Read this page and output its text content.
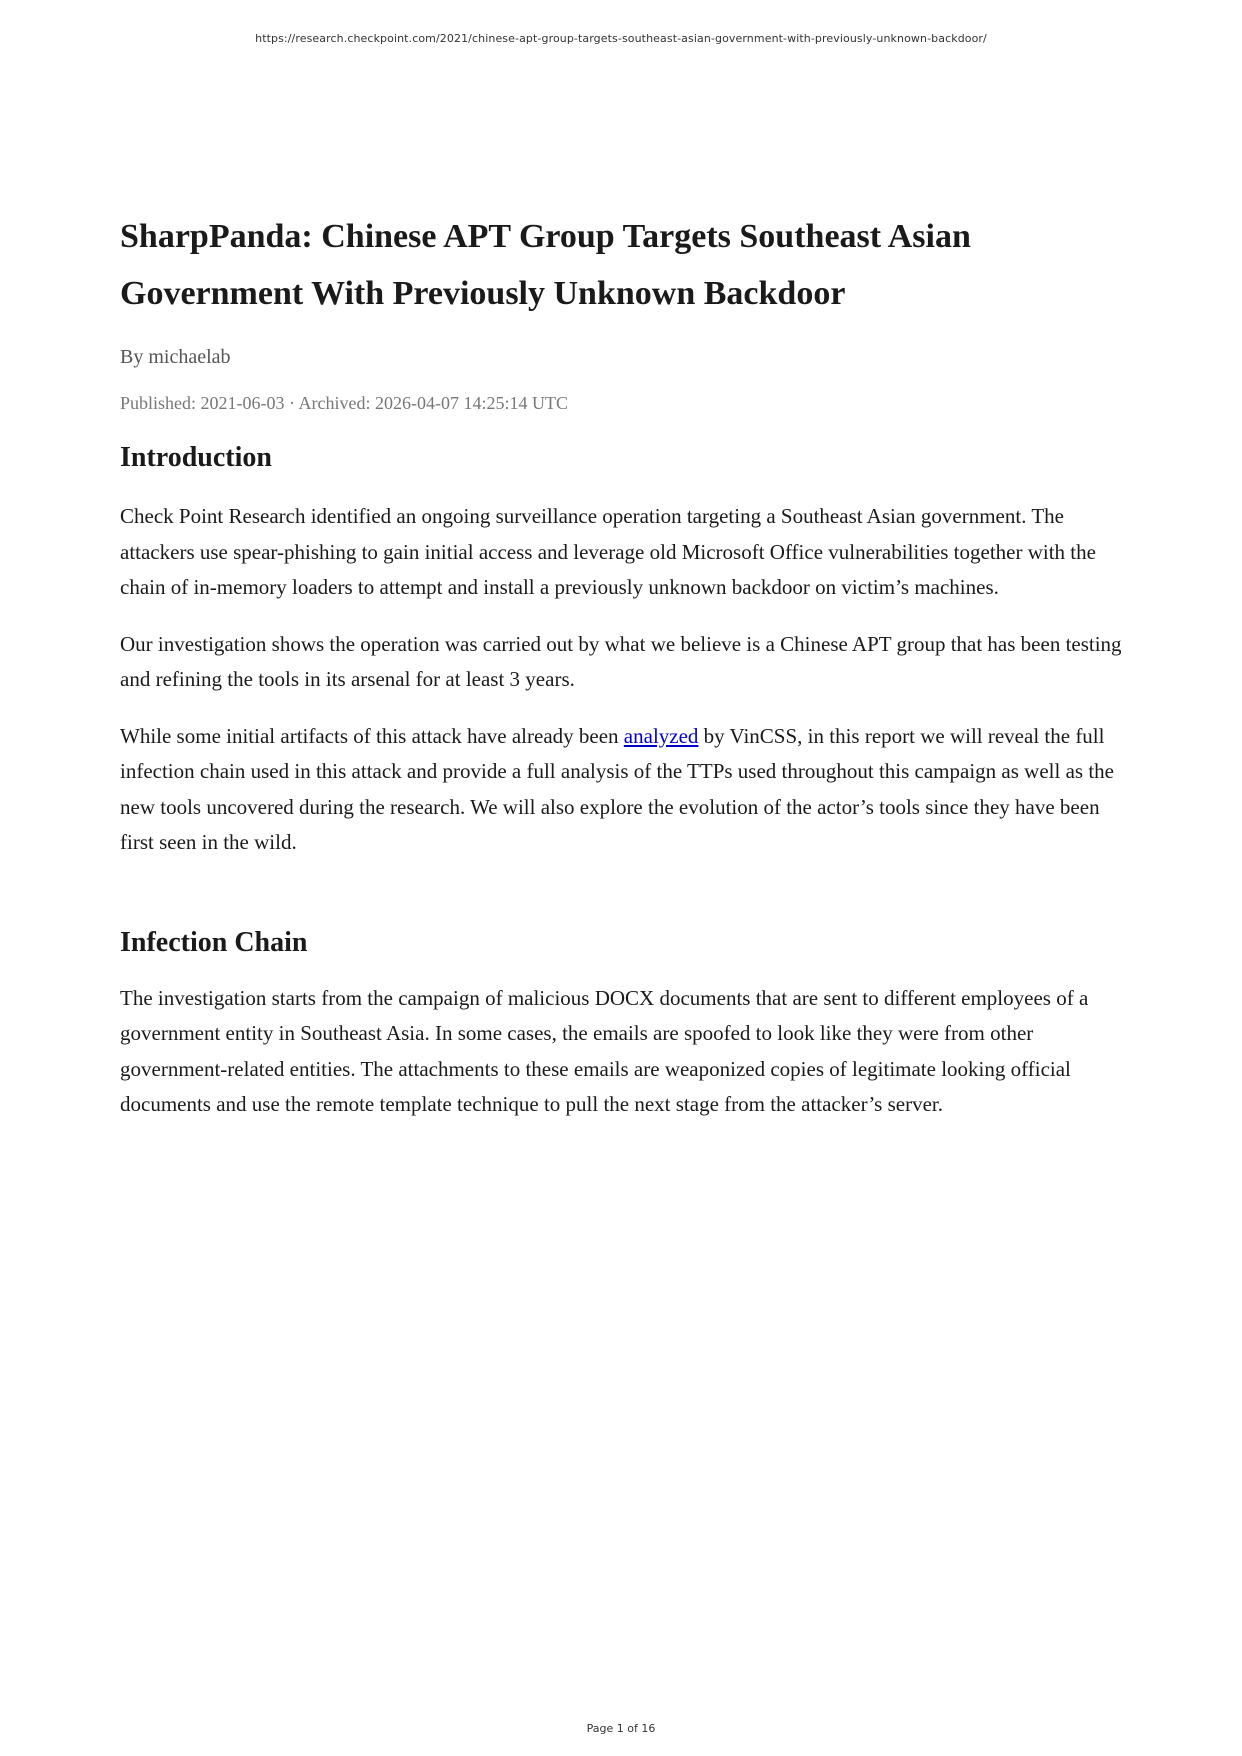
https://research.checkpoint.com/2021/chinese-apt-group-targets-southeast-asian-government-with-previously-unknown-backdoor/
SharpPanda: Chinese APT Group Targets Southeast Asian Government With Previously Unknown Backdoor

By michaelab

Published: 2021-06-03 · Archived: 2026-04-07 14:25:14 UTC

Introduction

Check Point Research identified an ongoing surveillance operation targeting a Southeast Asian government. The attackers use spear-phishing to gain initial access and leverage old Microsoft Office vulnerabilities together with the chain of in-memory loaders to attempt and install a previously unknown backdoor on victim’s machines.

Our investigation shows the operation was carried out by what we believe is a Chinese APT group that has been testing and refining the tools in its arsenal for at least 3 years.

While some initial artifacts of this attack have already been analyzed by VinCSS, in this report we will reveal the full infection chain used in this attack and provide a full analysis of the TTPs used throughout this campaign as well as the new tools uncovered during the research. We will also explore the evolution of the actor’s tools since they have been first seen in the wild.

Infection Chain

The investigation starts from the campaign of malicious DOCX documents that are sent to different employees of a government entity in Southeast Asia. In some cases, the emails are spoofed to look like they were from other government-related entities. The attachments to these emails are weaponized copies of legitimate looking official documents and use the remote template technique to pull the next stage from the attacker’s server.

Page 1 of 16
